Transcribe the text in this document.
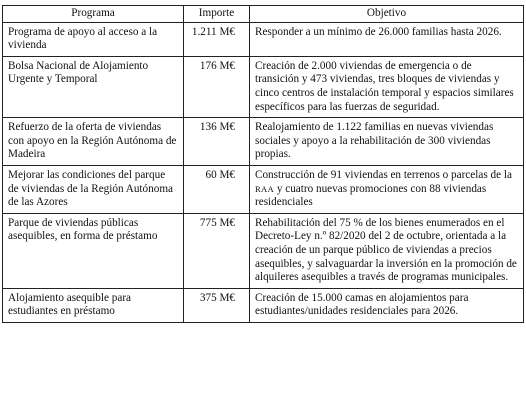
Programa	Importe	Objetivo
Programa de apoyo al acceso a la vivienda	1.211 M€	Responder a un mínimo de 26.000 familias hasta 2026.
Bolsa Nacional de Alojamiento Urgente y Temporal	176 M€	Creación de 2.000 viviendas de emergencia o de transición y 473 viviendas, tres bloques de viviendas y cinco centros de instalación temporal y espacios similares específicos para las fuerzas de seguridad.
Refuerzo de la oferta de viviendas con apoyo en la Región Autónoma de Madeira	136 M€	Realojamiento de 1.122 familias en nuevas viviendas sociales y apoyo a la rehabilitación de 300 viviendas propias.
Mejorar las condiciones del parque de viviendas de la Región Autónoma de las Azores	60 M€	Construcción de 91 viviendas en terrenos o parcelas de la RAA y cuatro nuevas promociones con 88 viviendas residenciales
Parque de viviendas públicas asequibles, en forma de préstamo	775 M€	Rehabilitación del 75 % de los bienes enumerados en el Decreto-Ley n.º 82/2020 del 2 de octubre, orientada a la creación de un parque público de viviendas a precios asequibles, y salvaguardar la inversión en la promoción de alquileres asequibles a través de programas municipales.
Alojamiento asequible para estudiantes en préstamo	375 M€	Creación de 15.000 camas en alojamientos para estudiantes/unidades residenciales para 2026.
